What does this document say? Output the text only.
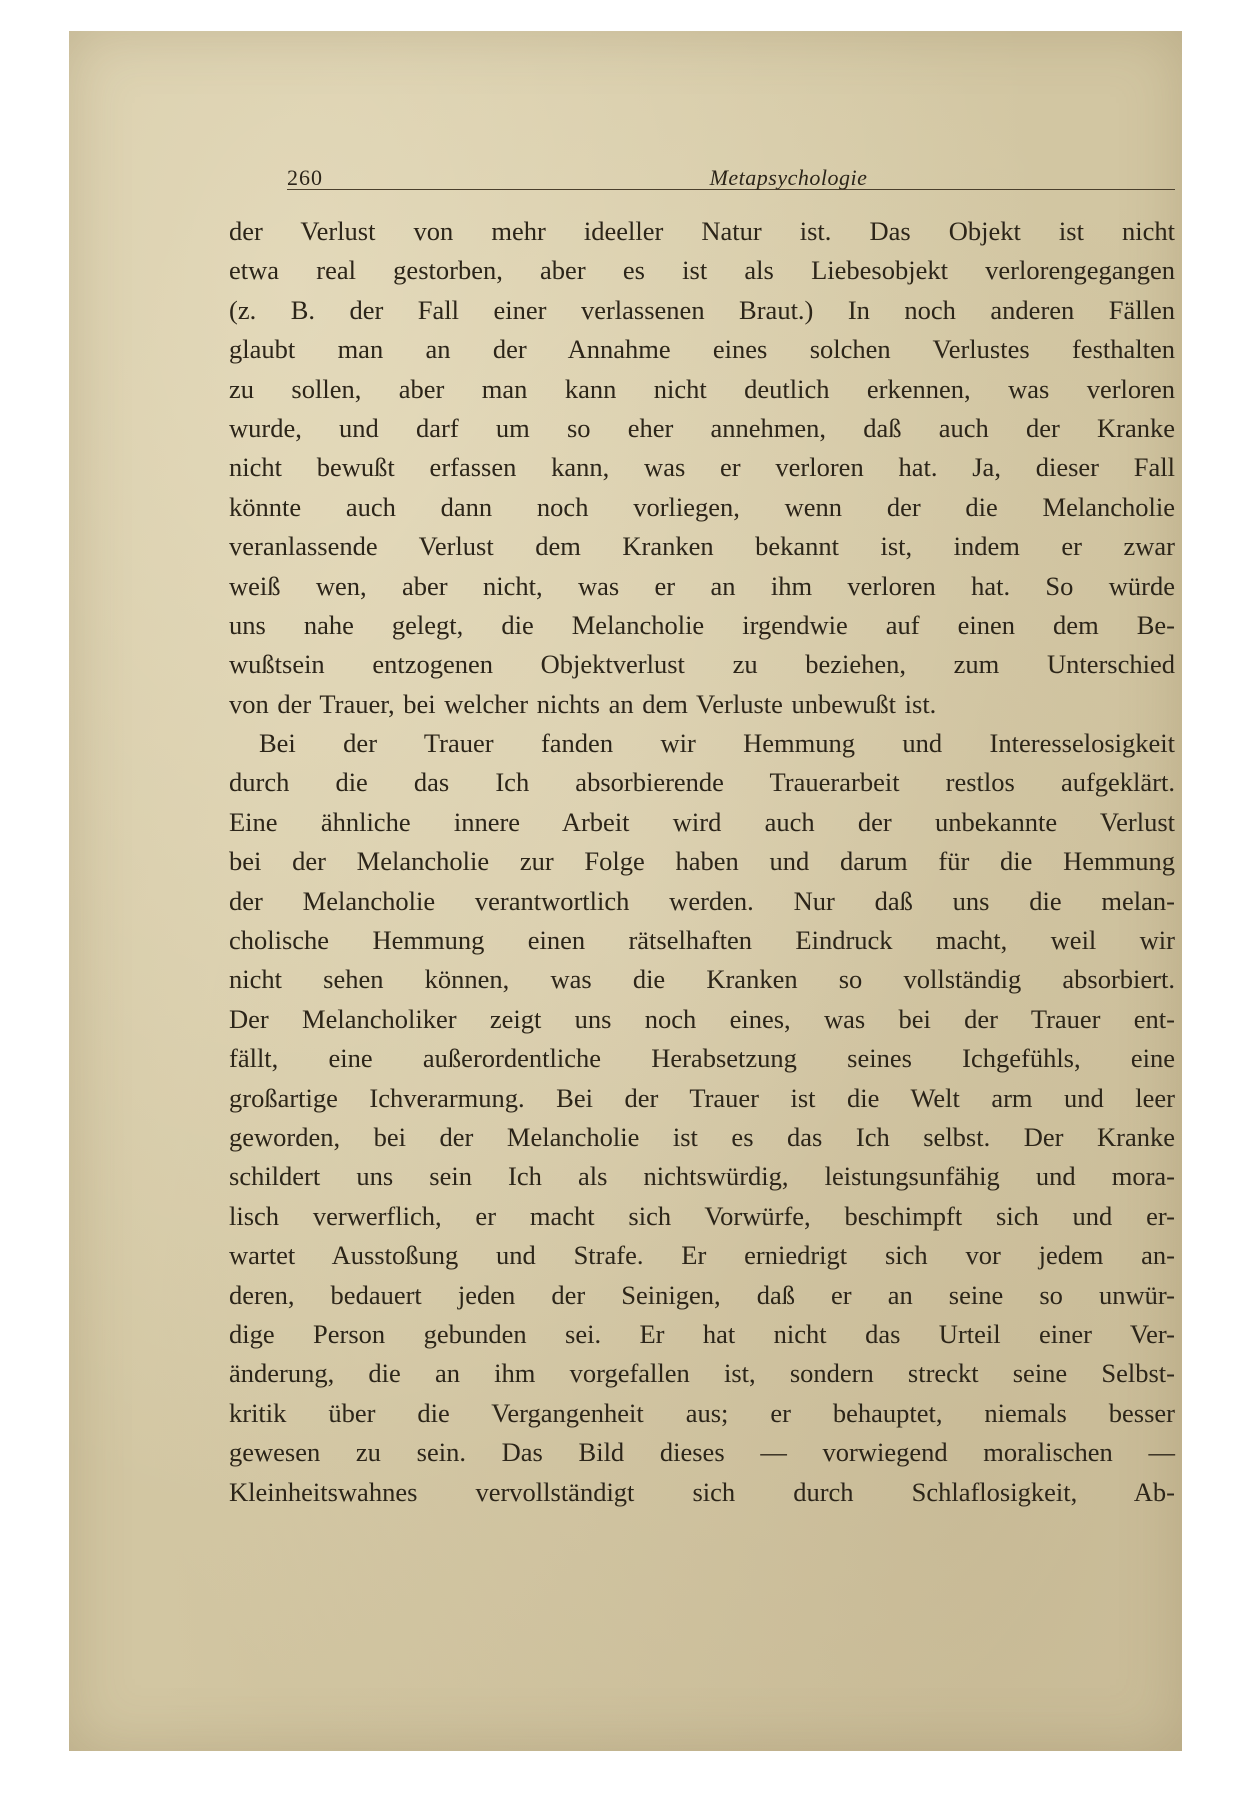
260	Metapsychologie
der Verlust von mehr ideeller Natur ist. Das Objekt ist nicht
etwa real gestorben, aber es ist als Liebesobjekt verlorengegangen
(z. B. der Fall einer verlassenen Braut.) In noch anderen Fällen
glaubt man an der Annahme eines solchen Verlustes festhalten
zu sollen, aber man kann nicht deutlich erkennen, was verloren
wurde, und darf um so eher annehmen, daß auch der Kranke
nicht bewußt erfassen kann, was er verloren hat. Ja, dieser Fall
könnte auch dann noch vorliegen, wenn der die Melancholie
veranlassende Verlust dem Kranken bekannt ist, indem er zwar
weiß wen, aber nicht, was er an ihm verloren hat. So würde
uns nahe gelegt, die Melancholie irgendwie auf einen dem Be-
wußtsein entzogenen Objektverlust zu beziehen, zum Unterschied
von der Trauer, bei welcher nichts an dem Verluste unbewußt ist.
Bei der Trauer fanden wir Hemmung und Interesselosigkeit
durch die das Ich absorbierende Trauerarbeit restlos aufgeklärt.
Eine ähnliche innere Arbeit wird auch der unbekannte Verlust
bei der Melancholie zur Folge haben und darum für die Hemmung
der Melancholie verantwortlich werden. Nur daß uns die melan-
cholische Hemmung einen rätselhaften Eindruck macht, weil wir
nicht sehen können, was die Kranken so vollständig absorbiert.
Der Melancholiker zeigt uns noch eines, was bei der Trauer ent-
fällt, eine außerordentliche Herabsetzung seines Ichgefühls, eine
großartige Ichverarmung. Bei der Trauer ist die Welt arm und leer
geworden, bei der Melancholie ist es das Ich selbst. Der Kranke
schildert uns sein Ich als nichtswürdig, leistungsunfähig und mora-
lisch verwerflich, er macht sich Vorwürfe, beschimpft sich und er-
wartet Ausstoßung und Strafe. Er erniedrigt sich vor jedem an-
deren, bedauert jeden der Seinigen, daß er an seine so unwür-
dige Person gebunden sei. Er hat nicht das Urteil einer Ver-
änderung, die an ihm vorgefallen ist, sondern streckt seine Selbst-
kritik über die Vergangenheit aus; er behauptet, niemals besser
gewesen zu sein. Das Bild dieses — vorwiegend moralischen —
Kleinheitswahnes vervollständigt sich durch Schlaflosigkeit, Ab-
